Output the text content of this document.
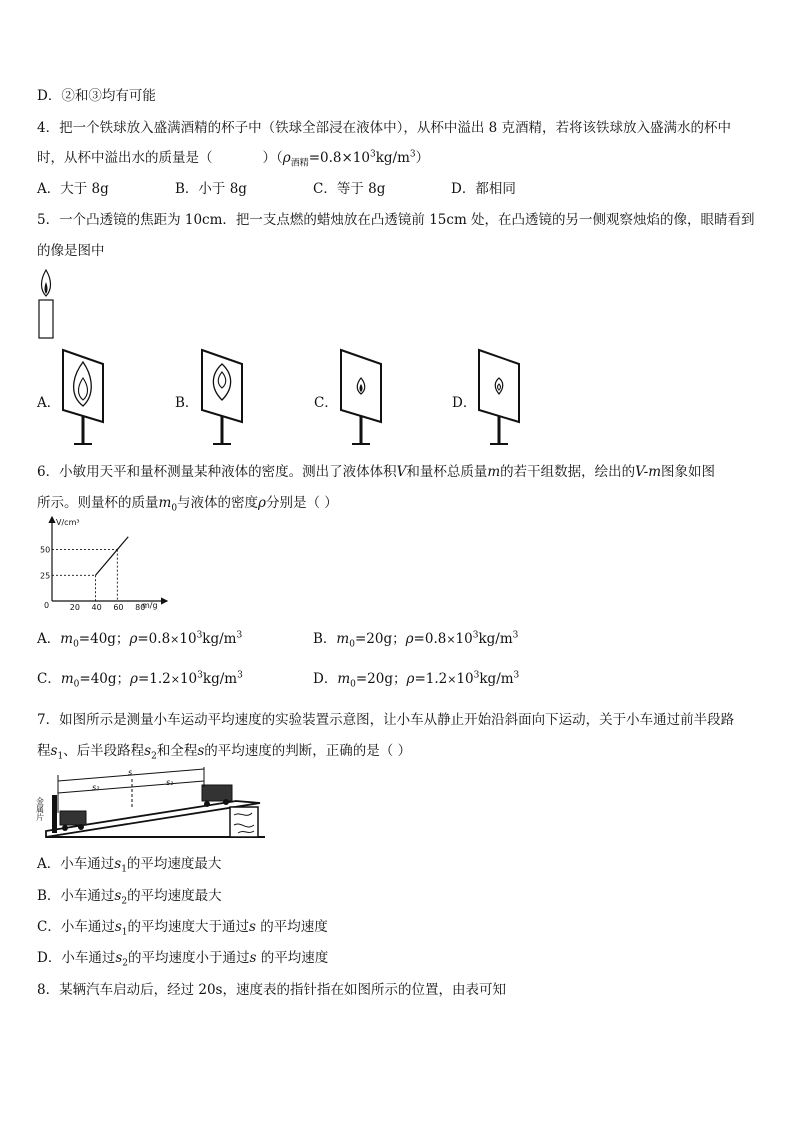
D．②和③均有可能
4．把一个铁球放入盛满酒精的杯子中（铁球全部浸在液体中），从杯中溢出 8 克酒精，若将该铁球放入盛满水的杯中
时，从杯中溢出水的质量是（	）$(\rho_{酒精}=0.8\times 10^3kg/m^3)$
A．大于 8g	B．小于 8g	C．等于 8g	D．都相同
5．一个凸透镜的焦距为 10cm．把一支点燃的蜡烛放在凸透镜前 15cm 处，在凸透镜的另一侧观察烛焰的像，眼睛看到
的像是图中
A．	B．	C．	D．
6．小敏用天平和量杯测量某种液体的密度。测出了液体体积V和量杯总质量m的若干组数据，绘出的V-m图象如图
所示。则量杯的质量$m_0$与液体的密度ρ分别是（ ）
V/cm³
m/g
0	20 40 60 80
25
50
A．$m_0=40g$；$\rho=0.8\times 10^3kg/m^3$	B．$m_0=20g$；$\rho=0.8\times 10^3kg/m^3$
C．$m_0=40g$；$\rho=1.2\times 10^3kg/m^3$	D．$m_0=20g$；$\rho=1.2\times 10^3kg/m^3$
7．如图所示是测量小车运动平均速度的实验装置示意图，让小车从静止开始沿斜面向下运动，关于小车通过前半段路
程$s_1$、后半段路程$s_2$和全程s的平均速度的判断，正确的是（ ）
s
s₂
s₁
金属片
A．小车通过$s_1$的平均速度最大
B．小车通过$s_2$的平均速度最大
C．小车通过$s_1$的平均速度大于通过s 的平均速度
D．小车通过$s_2$的平均速度小于通过s 的平均速度
8．某辆汽车启动后，经过 20s，速度表的指针指在如图所示的位置，由表可知
